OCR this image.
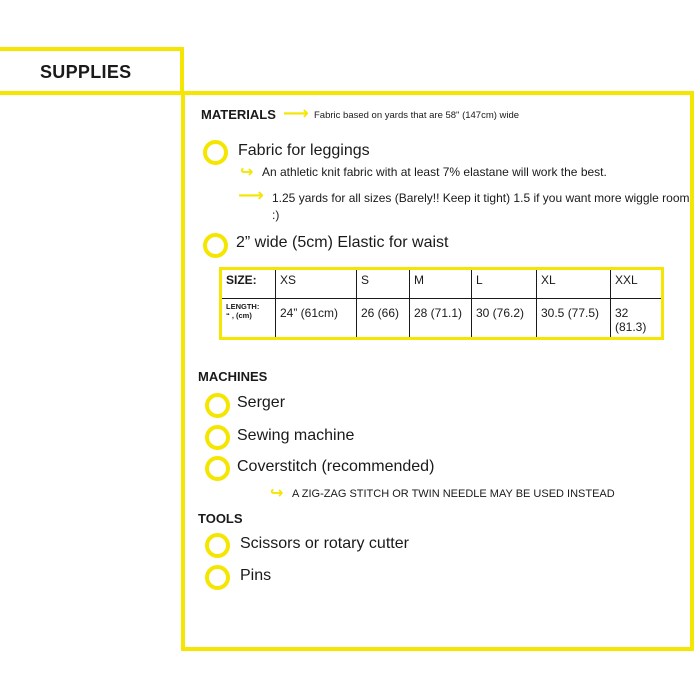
SUPPLIES
MATERIALS ⟶ Fabric based on yards that are 58" (147cm) wide
Fabric for leggings
↪ An athletic knit fabric with at least 7% elastane will work the best.
⟶ 1.25 yards for all sizes (Barely!! Keep it tight) 1.5 if you want more wiggle room :)
2” wide (5cm) Elastic for waist
SIZE:	XS	S	M	L	XL	XXL

LENGTH:
“ , (cm)	24” (61cm)	26 (66)	28 (71.1)	30 (76.2)	30.5 (77.5)	32 (81.3)
MACHINES
Serger
Sewing machine
Coverstitch (recommended)
↪ A ZIG-ZAG STITCH OR TWIN NEEDLE MAY BE USED INSTEAD
TOOLS
Scissors or rotary cutter
Pins
